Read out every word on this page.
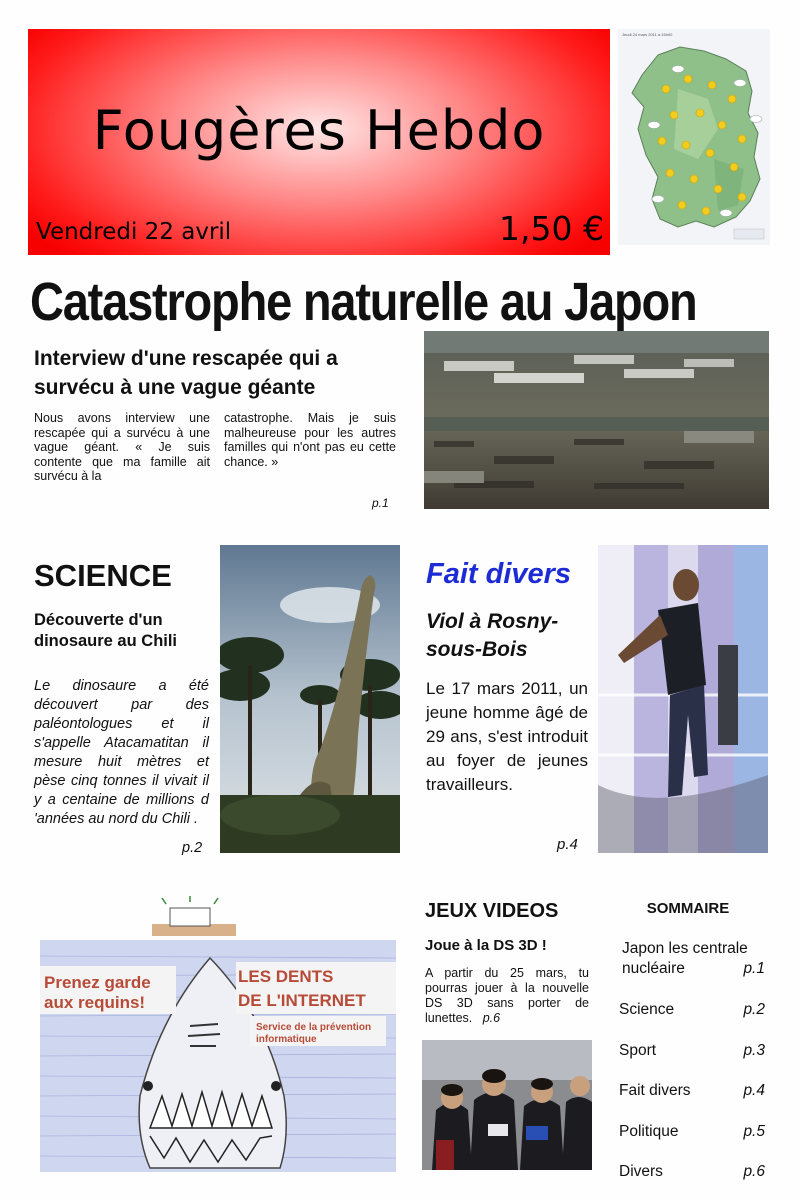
Fougères Hebdo
Vendredi 22 avril	1,50 €
Jeudi 24 mars 2011 à 15h00
Catastrophe naturelle au Japon
Interview d'une rescapée qui a survécu à une vague géante
Nous avons interview une rescapée qui a survécu à une vague géant. « Je suis contente que ma famille ait survécu à la
catastrophe. Mais je suis malheureuse pour les autres familles qui n'ont pas eu cette chance. »
p.1
SCIENCE
Découverte d'un dinosaure au Chili
Le dinosaure a été découvert par des paléontologues et il s'appelle Atacamatitan il mesure huit mètres et pèse cinq tonnes il vivait il y a centaine de millions d 'années au nord du Chili .
p.2
Fait divers
Viol à Rosny-sous-Bois
Le 17 mars 2011, un jeune homme âgé de 29 ans, s'est introduit au foyer de jeunes travailleurs.
p.4
Prenez garde
aux requins!
LES DENTS
DE L'INTERNET
Service de la prévention
informatique
JEUX VIDEOS
Joue à la DS 3D !
A partir du 25 mars, tu pourras jouer à la nouvelle DS 3D sans porter de lunettes. p.6
SOMMAIRE
Japon les centrale nucléaire	p.1
Science	p.2
Sport	p.3
Fait divers	p.4
Politique	p.5
Divers	p.6
